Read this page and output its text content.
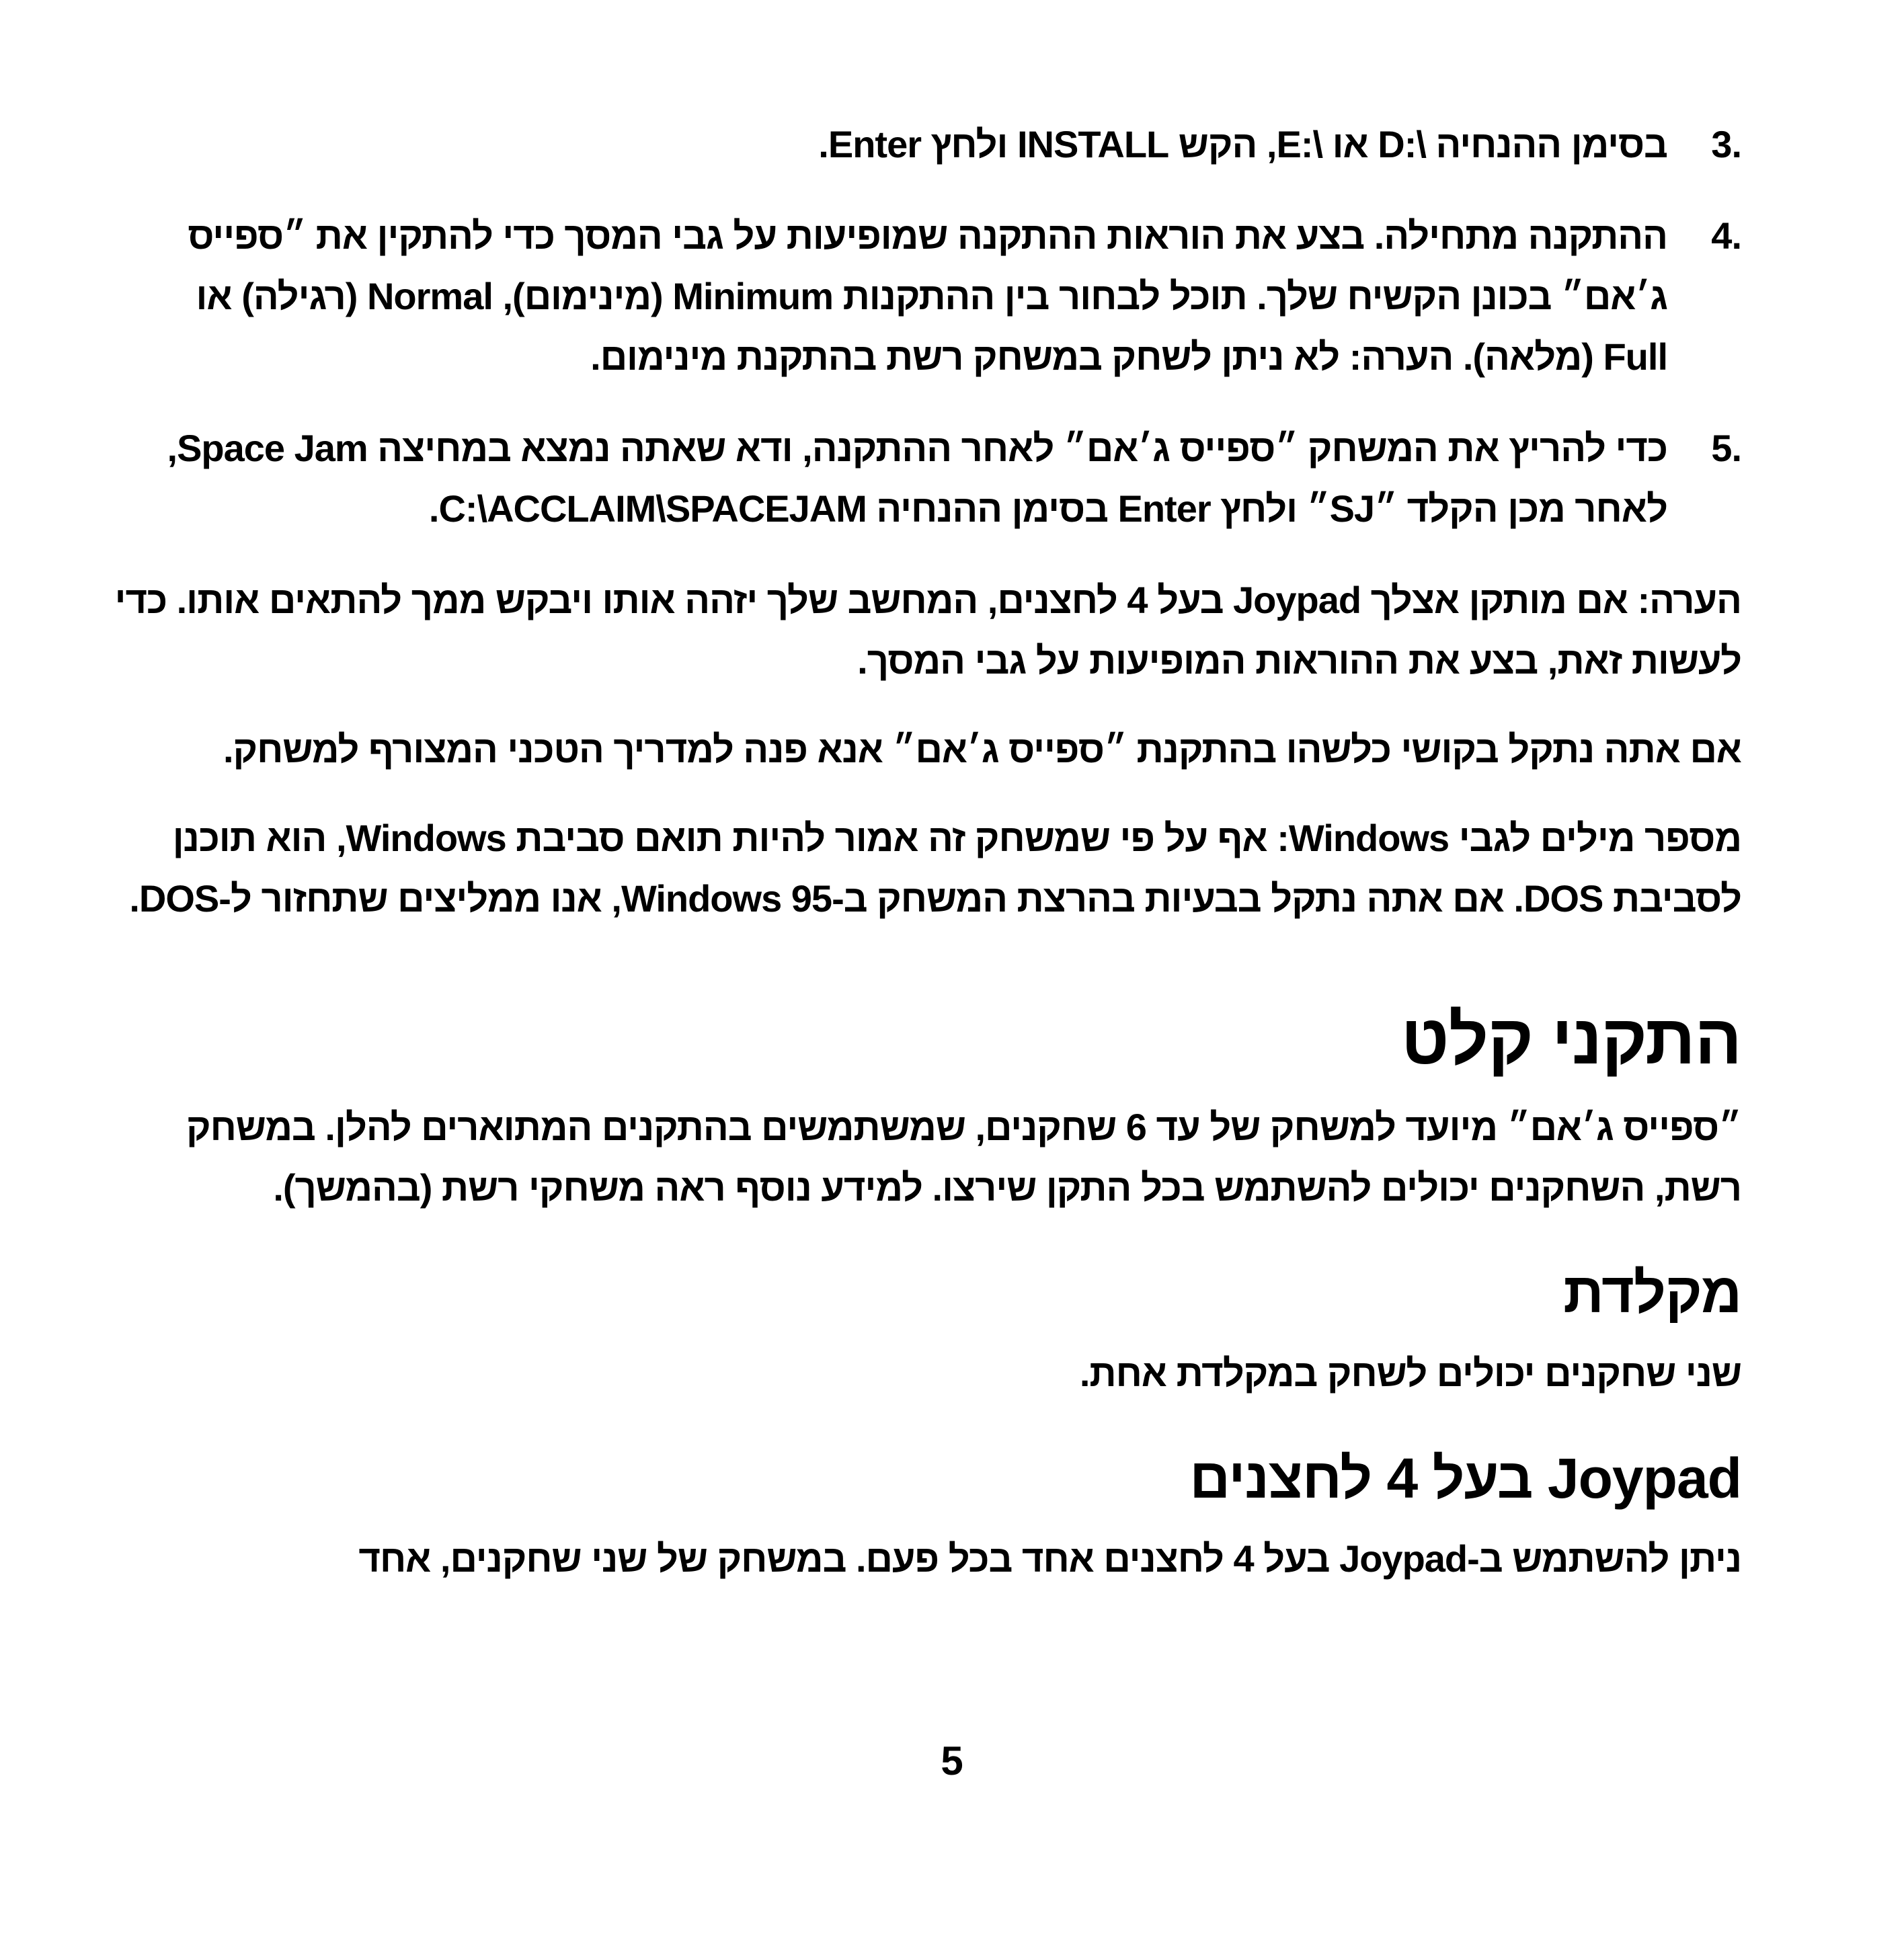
.3
בסימן ההנחיה \:D או \:E, הקש INSTALL ולחץ Enter.
.4
ההתקנה מתחילה. בצע את הוראות ההתקנה שמופיעות על גבי המסך כדי להתקין את ״ספייס ג׳אם״ בכונן הקשיח שלך. תוכל לבחור בין ההתקנות Minimum (מינימום), Normal (רגילה) או Full (מלאה). הערה: לא ניתן לשחק במשחק רשת בהתקנת מינימום.
.5
כדי להריץ את המשחק ״ספייס ג׳אם״ לאחר ההתקנה, ודא שאתה נמצא במחיצה Space Jam, לאחר מכן הקלד ״SJ״ ולחץ Enter בסימן ההנחיה C:\ACCLAIM\SPACEJAM.

הערה: אם מותקן אצלך Joypad בעל 4 לחצנים, המחשב שלך יזהה אותו ויבקש ממך להתאים אותו. כדי לעשות זאת, בצע את ההוראות המופיעות על גבי המסך.

אם אתה נתקל בקושי כלשהו בהתקנת ״ספייס ג׳אם״ אנא פנה למדריך הטכני המצורף למשחק.

מספר מילים לגבי Windows: אף על פי שמשחק זה אמור להיות תואם סביבת Windows, הוא תוכנן לסביבת DOS. אם אתה נתקל בבעיות בהרצת המשחק ב-Windows 95, אנו ממליצים שתחזור ל-DOS.

התקני קלט

״ספייס ג׳אם״ מיועד למשחק של עד 6 שחקנים, שמשתמשים בהתקנים המתוארים להלן. במשחק רשת, השחקנים יכולים להשתמש בכל התקן שירצו. למידע נוסף ראה משחקי רשת (בהמשך).

מקלדת

שני שחקנים יכולים לשחק במקלדת אחת.

Joypad בעל 4 לחצנים

ניתן להשתמש ב-Joypad בעל 4 לחצנים אחד בכל פעם. במשחק של שני שחקנים, אחד

5
